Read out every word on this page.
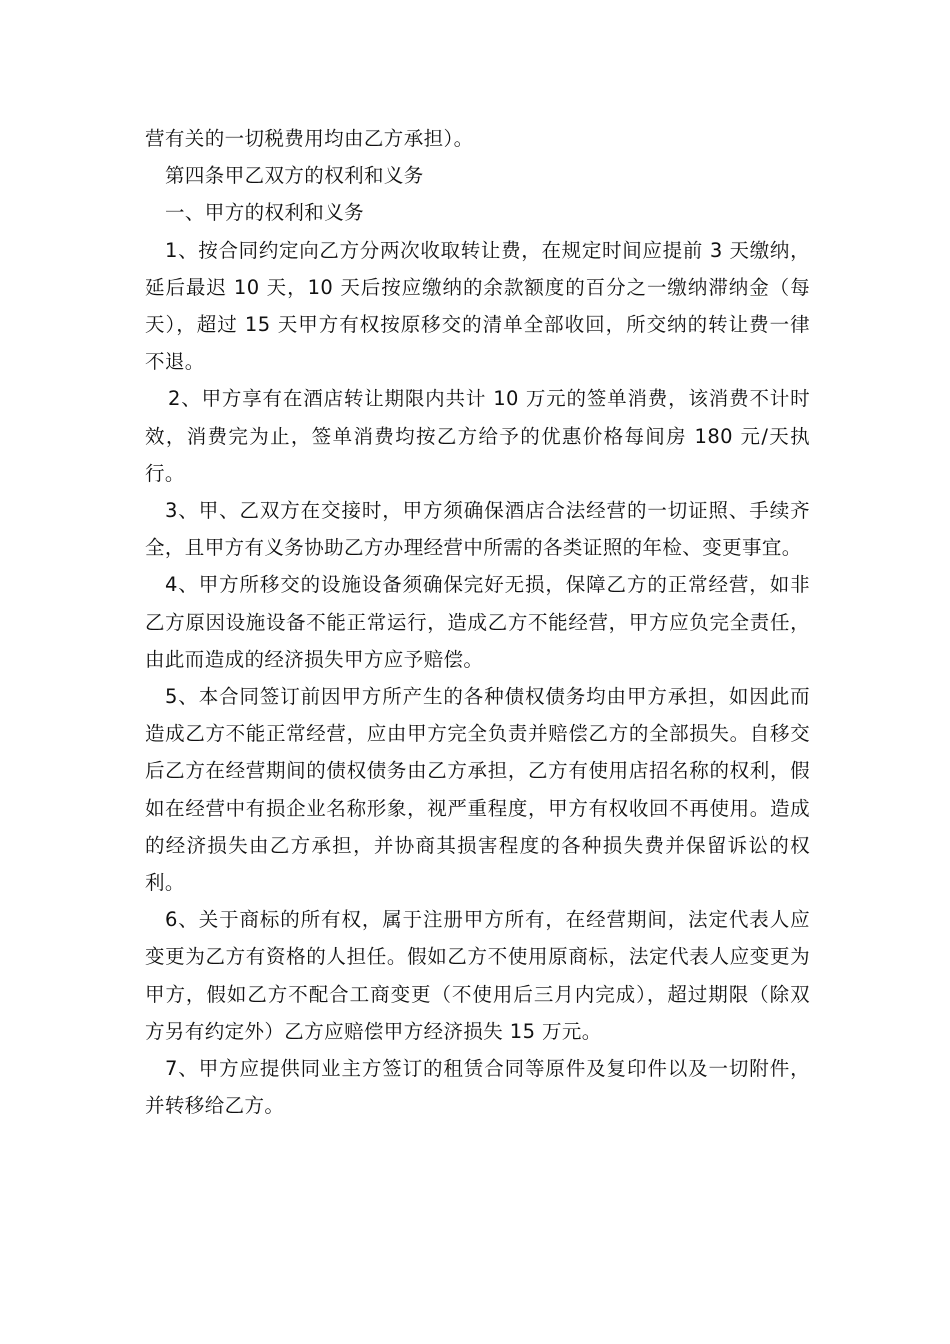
营有关的一切税费用均由乙方承担）。

第四条甲乙双方的权利和义务

一、甲方的权利和义务

1、按合同约定向乙方分两次收取转让费，在规定时间应提前 3 天缴纳，延后最迟 10 天，10 天后按应缴纳的余款额度的百分之一缴纳滞纳金（每天），超过 15 天甲方有权按原移交的清单全部收回，所交纳的转让费一律不退。

2、甲方享有在酒店转让期限内共计 10 万元的签单消费，该消费不计时效，消费完为止，签单消费均按乙方给予的优惠价格每间房 180 元/天执行。

3、甲、乙双方在交接时，甲方须确保酒店合法经营的一切证照、手续齐全，且甲方有义务协助乙方办理经营中所需的各类证照的年检、变更事宜。

4、甲方所移交的设施设备须确保完好无损，保障乙方的正常经营，如非乙方原因设施设备不能正常运行，造成乙方不能经营，甲方应负完全责任，由此而造成的经济损失甲方应予赔偿。

5、本合同签订前因甲方所产生的各种债权债务均由甲方承担，如因此而造成乙方不能正常经营，应由甲方完全负责并赔偿乙方的全部损失。自移交后乙方在经营期间的债权债务由乙方承担，乙方有使用店招名称的权利，假如在经营中有损企业名称形象，视严重程度，甲方有权收回不再使用。造成的经济损失由乙方承担，并协商其损害程度的各种损失费并保留诉讼的权利。

6、关于商标的所有权，属于注册甲方所有，在经营期间，法定代表人应变更为乙方有资格的人担任。假如乙方不使用原商标，法定代表人应变更为甲方，假如乙方不配合工商变更（不使用后三月内完成），超过期限（除双方另有约定外）乙方应赔偿甲方经济损失 15 万元。

7、甲方应提供同业主方签订的租赁合同等原件及复印件以及一切附件，并转移给乙方。
